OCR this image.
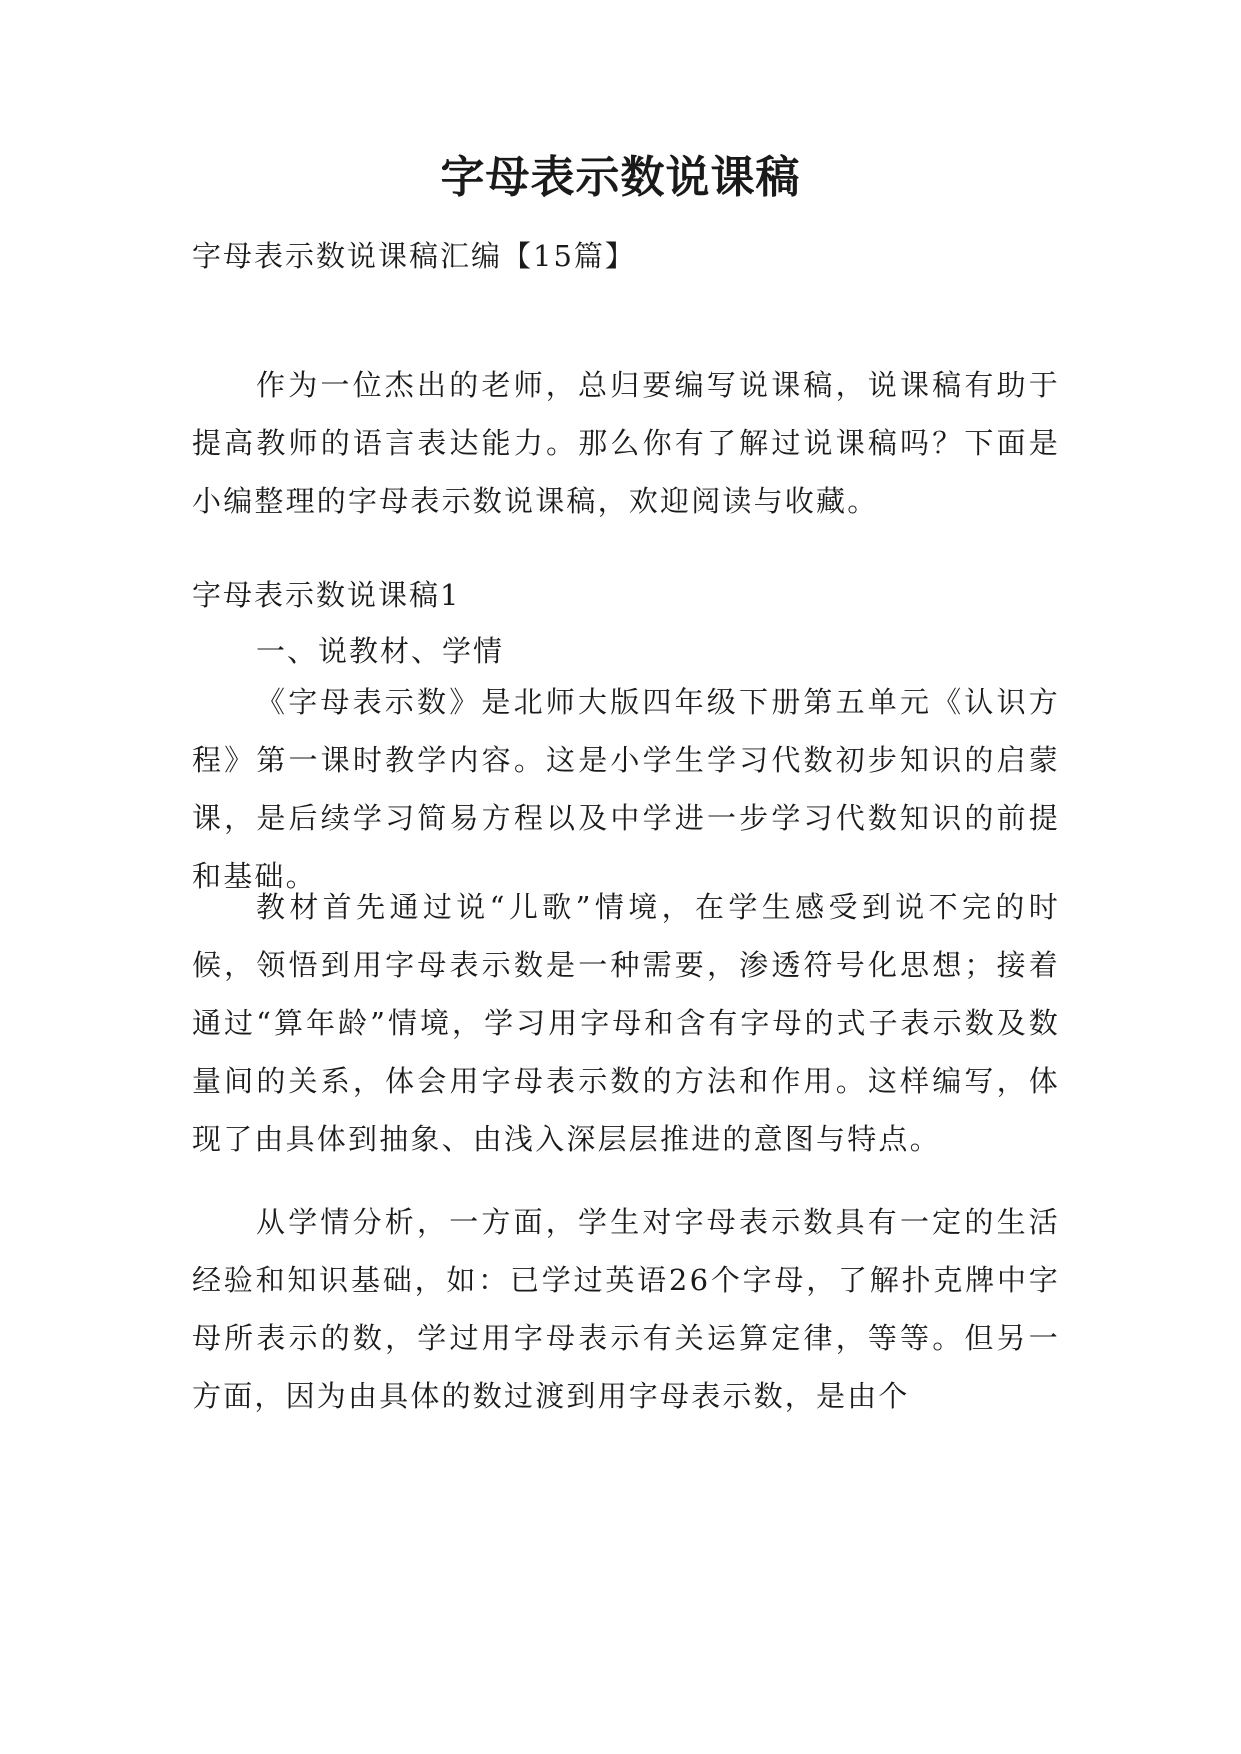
字母表示数说课稿

字母表示数说课稿汇编【15篇】

作为一位杰出的老师，总归要编写说课稿，说课稿有助于提高教师的语言表达能力。那么你有了解过说课稿吗？下面是小编整理的字母表示数说课稿，欢迎阅读与收藏。

字母表示数说课稿1

一、说教材、学情

《字母表示数》是北师大版四年级下册第五单元《认识方程》第一课时教学内容。这是小学生学习代数初步知识的启蒙课，是后续学习简易方程以及中学进一步学习代数知识的前提和基础。

教材首先通过说“儿歌”情境，在学生感受到说不完的时候，领悟到用字母表示数是一种需要，渗透符号化思想；接着通过“算年龄”情境，学习用字母和含有字母的式子表示数及数量间的关系，体会用字母表示数的方法和作用。这样编写，体现了由具体到抽象、由浅入深层层推进的意图与特点。

从学情分析，一方面，学生对字母表示数具有一定的生活经验和知识基础，如：已学过英语26个字母，了解扑克牌中字母所表示的数，学过用字母表示有关运算定律，等等。但另一方面，因为由具体的数过渡到用字母表示数，是由个
